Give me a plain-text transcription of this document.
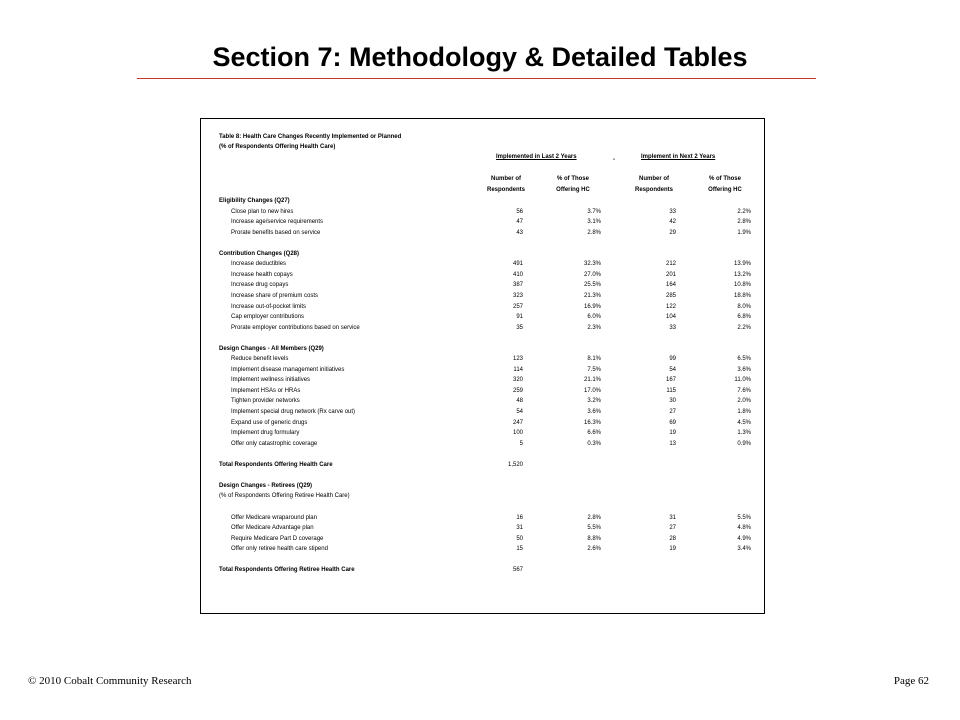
Section 7: Methodology & Detailed Tables
Table 8: Health Care Changes Recently Implemented or Planned
(% of Respondents Offering Health Care)
Implemented in Last 2 Years	-	Implement in Next 2 Years
Number of	% of Those	Number of	% of Those
Respondents	Offering HC	Respondents	Offering HC
Eligibility Changes (Q27)
Close plan to new hires	56	3.7%	33	2.2%
Increase age/service requirements	47	3.1%	42	2.8%
Prorate benefits based on service	43	2.8%	29	1.9%
Contribution Changes (Q28)
Increase deductibles	491	32.3%	212	13.9%
Increase health copays	410	27.0%	201	13.2%
Increase drug copays	387	25.5%	164	10.8%
Increase share of premium costs	323	21.3%	285	18.8%
Increase out-of-pocket limits	257	16.9%	122	8.0%
Cap employer contributions	91	6.0%	104	6.8%
Prorate employer contributions based on service	35	2.3%	33	2.2%
Design Changes - All Members (Q29)
Reduce benefit levels	123	8.1%	99	6.5%
Implement disease management initiatives	114	7.5%	54	3.6%
Implement wellness initiatives	320	21.1%	167	11.0%
Implement HSAs or HRAs	259	17.0%	115	7.6%
Tighten provider networks	48	3.2%	30	2.0%
Implement special drug network (Rx carve out)	54	3.6%	27	1.8%
Expand use of generic drugs	247	16.3%	69	4.5%
Implement drug formulary	100	6.6%	19	1.3%
Offer only catastrophic coverage	5	0.3%	13	0.9%
Total Respondents Offering Health Care	1,520
Design Changes - Retirees (Q29)
(% of Respondents Offering Retiree Health Care)
Offer Medicare wraparound plan	16	2.8%	31	5.5%
Offer Medicare Advantage plan	31	5.5%	27	4.8%
Require Medicare Part D coverage	50	8.8%	28	4.9%
Offer only retiree health care stipend	15	2.6%	19	3.4%
Total Respondents Offering Retiree Health Care	567
© 2010 Cobalt Community Research	Page 62
